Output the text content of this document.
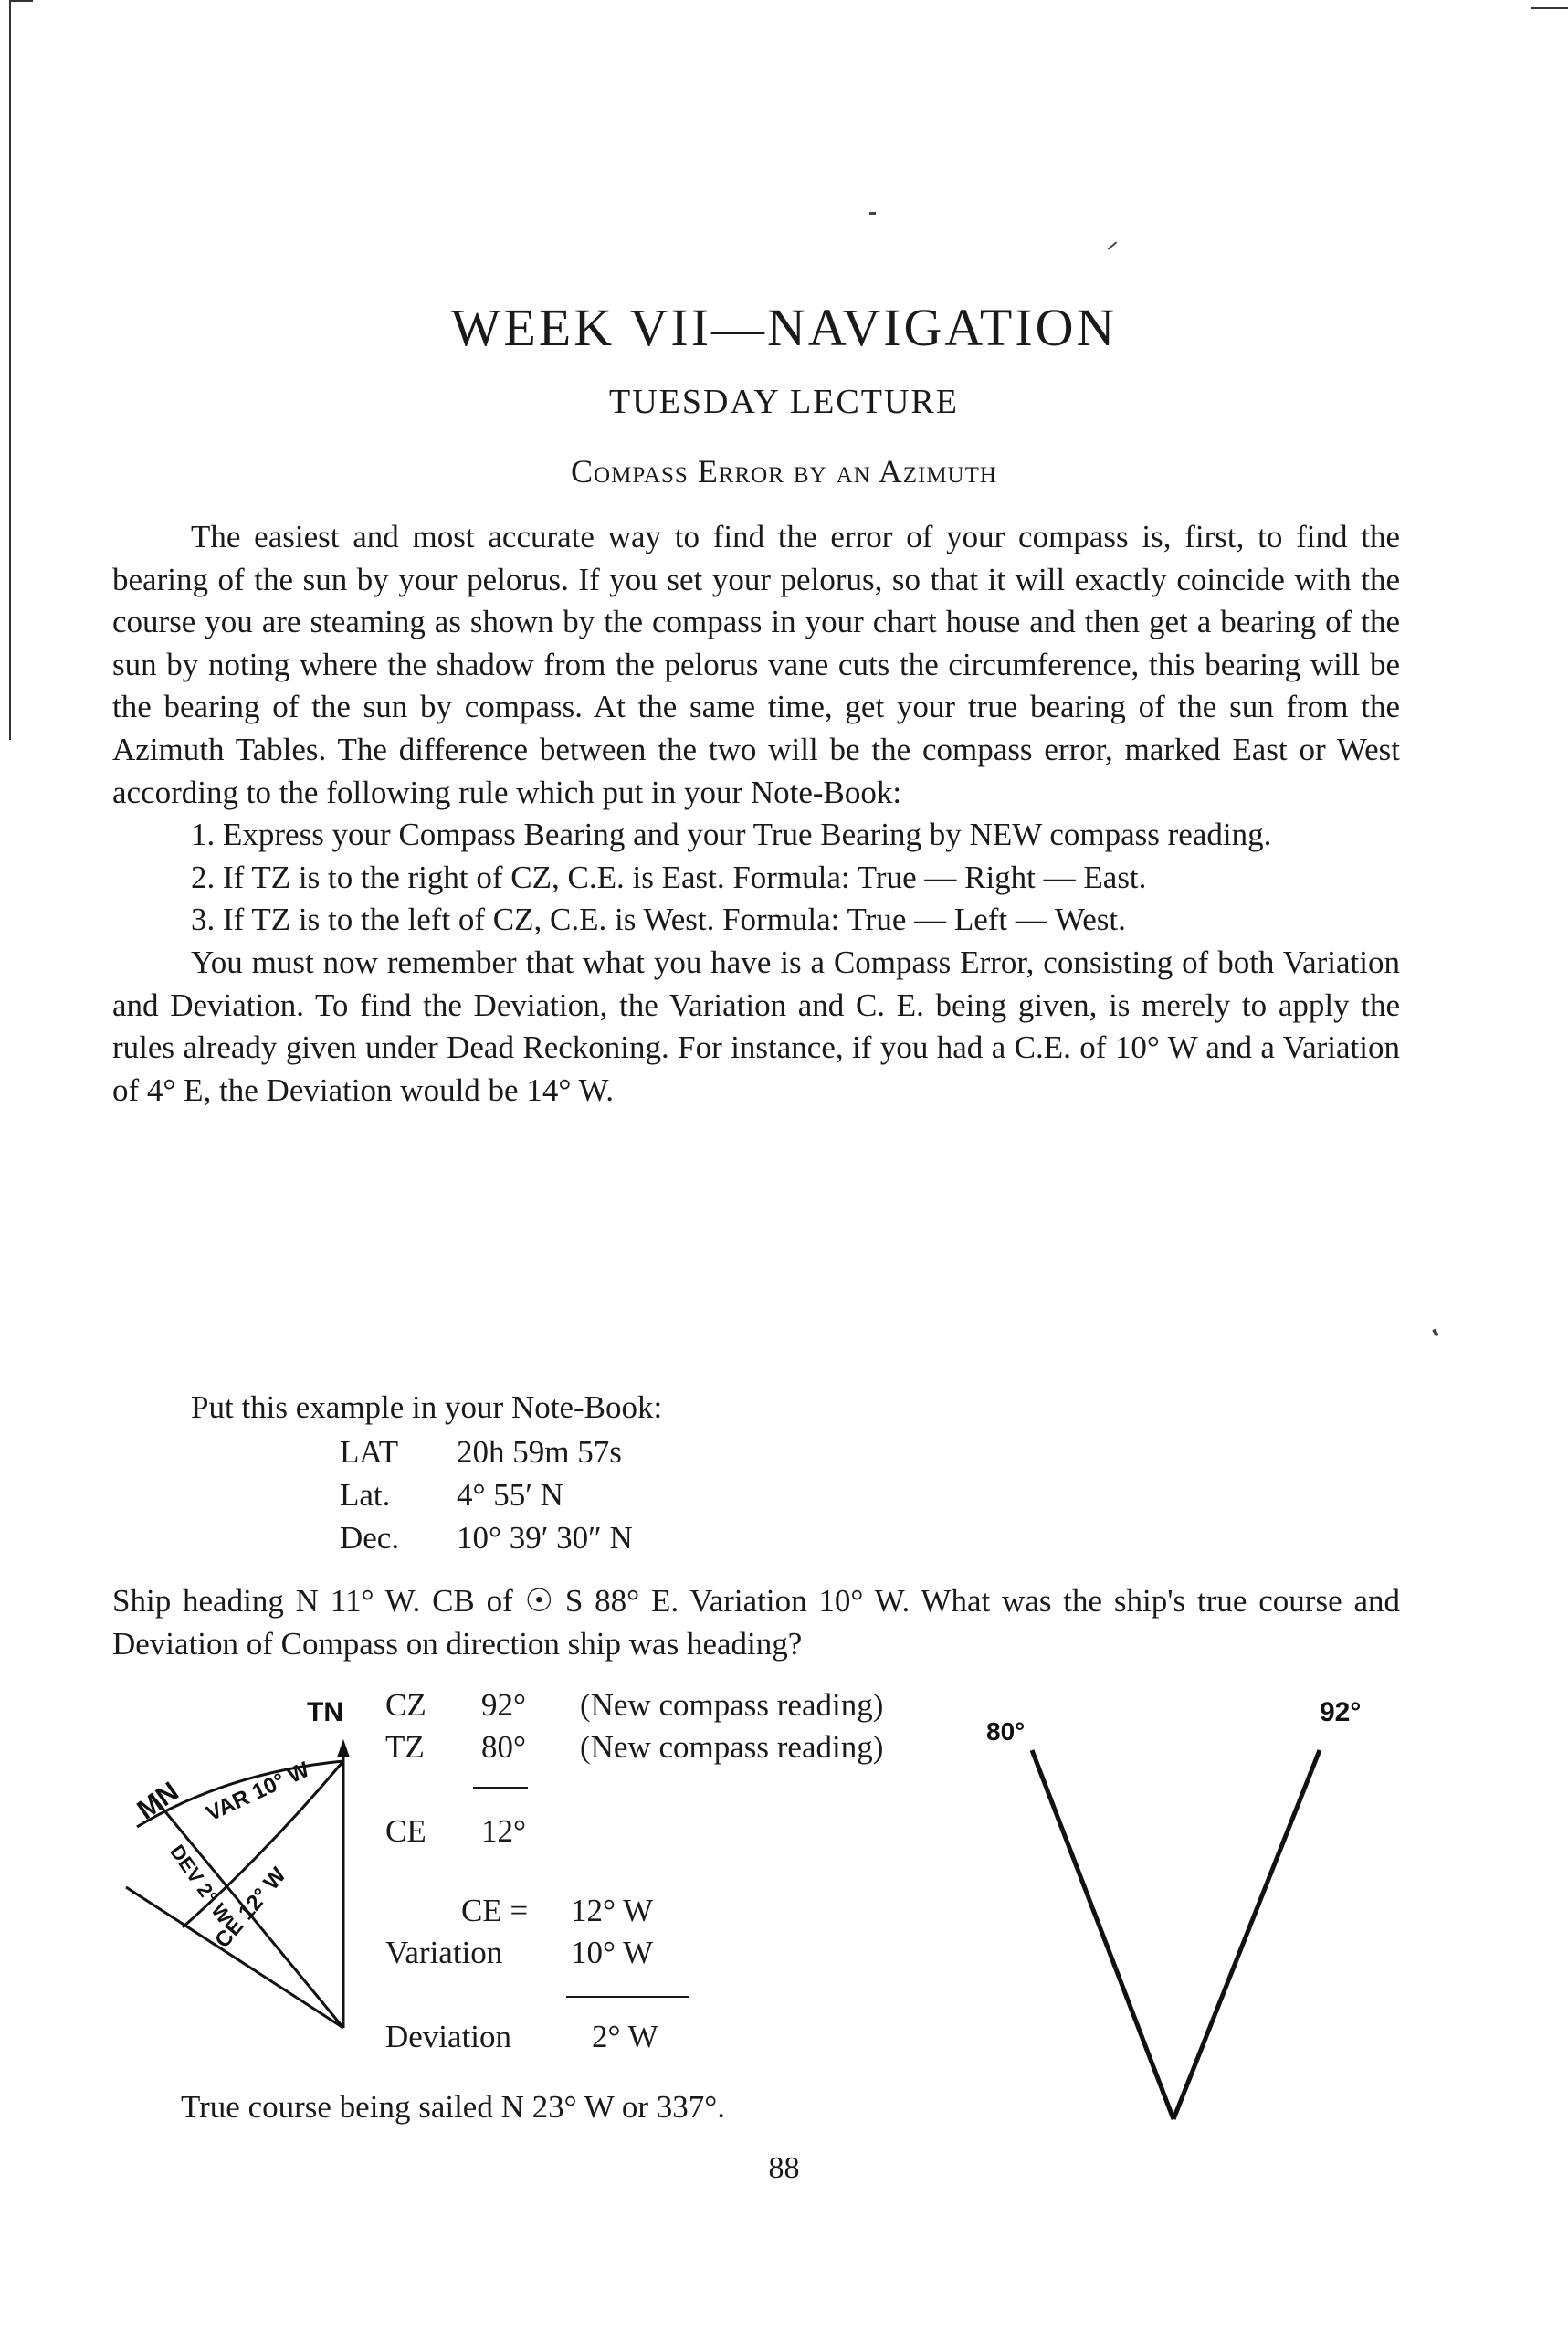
WEEK VII—NAVIGATION
TUESDAY LECTURE
Compass Error by an Azimuth

The easiest and most accurate way to find the error of your compass is, first, to find the bearing of the sun by your pelorus. If you set your pelorus, so that it will exactly coincide with the course you are steaming as shown by the compass in your chart house and then get a bearing of the sun by noting where the shadow from the pelorus vane cuts the circumference, this bearing will be the bearing of the sun by compass. At the same time, get your true bearing of the sun from the Azimuth Tables. The difference between the two will be the compass error, marked East or West according to the following rule which put in your Note-Book:

1. Express your Compass Bearing and your True Bearing by NEW compass reading.

2. If TZ is to the right of CZ, C.E. is East. Formula: True — Right — East.

3. If TZ is to the left of CZ, C.E. is West. Formula: True — Left — West.

You must now remember that what you have is a Compass Error, consisting of both Variation and Deviation. To find the Deviation, the Variation and C. E. being given, is merely to apply the rules already given under Dead Reckoning. For instance, if you had a C.E. of 10° W and a Variation of 4° E, the Deviation would be 14° W.

Put this example in your Note-Book:

LAT 20h 59m 57s
Lat. 4° 55′ N
Dec. 10° 39′ 30″ N

Ship heading N 11° W. CB of ☉ S 88° E. Variation 10° W. What was the ship's true course and Deviation of Compass on direction ship was heading?

CZ 92° (New compass reading)
TZ 80° (New compass reading)
CE 12°
CE = 12° W
Variation 10° W
Deviation	2° W
True course being sailed N 23° W or 337°.
TN
MN VAR 10° W
DEV 2° W
CE 12° W
80°
92°
88
